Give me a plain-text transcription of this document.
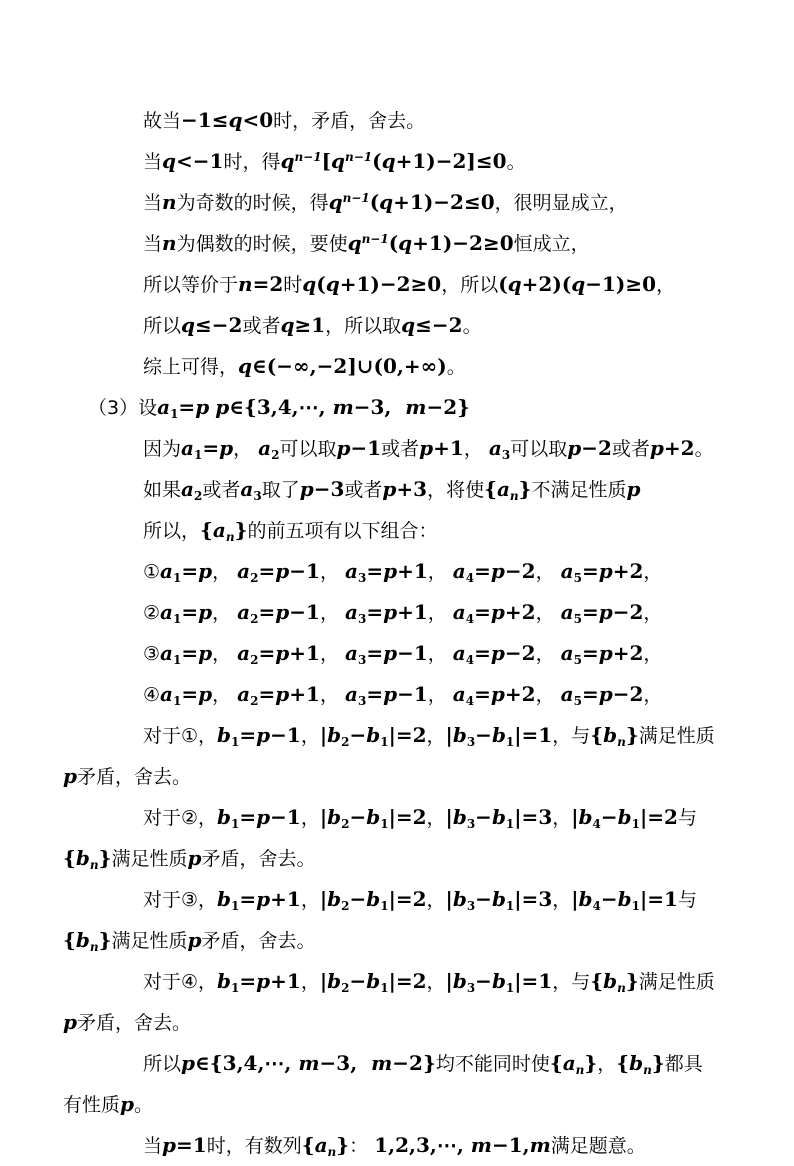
故当−1≤q<0时，矛盾，舍去。

当q<−1时，得$q^{n-1}[q^{n-1}(q+1)-2]\le 0$。

当n为奇数的时候，得$q^{n-1}(q+1)-2\le 0$，很明显成立，

当n为偶数的时候，要使$q^{n-1}(q+1)-2\ge 0$恒成立，

所以等价于n=2时q(q+1)−2≥0，所以(q+2)(q−1)≥0，

所以q≤−2或者q≥1，所以取q≤−2。

综上可得，q∈(−∞,−2]∪(0,+∞)。

（3）设$a_1=p$ p∈{3,4,⋯, m−3,  m−2}

因为$a_1=p$， $a_2$可以取p−1或者p+1， $a_3$可以取p−2或者p+2。

如果$a_2$或者$a_3$取了p−3或者p+3，将使$\{a_n\}$不满足性质p

所以，$\{a_n\}$的前五项有以下组合：

$①a_1=p$， $a_2=p-1$， $a_3=p+1$， $a_4=p-2$， $a_5=p+2$，

$②a_1=p$， $a_2=p-1$， $a_3=p+1$， $a_4=p+2$， $a_5=p-2$，

$③a_1=p$， $a_2=p+1$， $a_3=p-1$， $a_4=p-2$， $a_5=p+2$，

$④a_1=p$， $a_2=p+1$， $a_3=p-1$， $a_4=p+2$， $a_5=p-2$，

对于①，$b_1=p-1$，$|b_2-b_1|=2$，$|b_3-b_1|=1$，与$\{b_n\}$满足性质p矛盾，舍去。

对于②，$b_1=p-1$，$|b_2-b_1|=2$，$|b_3-b_1|=3$，$|b_4-b_1|=2$与$\{b_n\}$满足性质p矛盾，舍去。

对于③，$b_1=p+1$，$|b_2-b_1|=2$，$|b_3-b_1|=3$，$|b_4-b_1|=1$与$\{b_n\}$满足性质p矛盾，舍去。

对于④，$b_1=p+1$，$|b_2-b_1|=2$，$|b_3-b_1|=1$，与$\{b_n\}$满足性质p矛盾，舍去。

所以p∈{3,4,⋯, m−3,  m−2}均不能同时使$\{a_n\}$，$\{b_n\}$都具有性质p。

当p=1时，有数列$\{a_n\}$： 1,2,3,⋯, m−1,m满足题意。
